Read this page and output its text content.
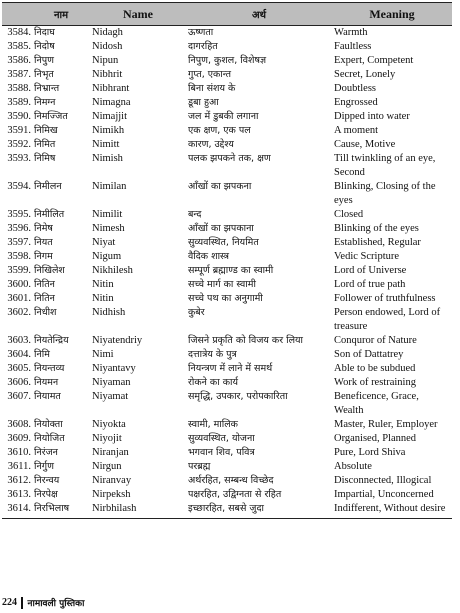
	नाम	Name	अर्थ	Meaning
3584.	निदाघ	Nidagh	ऊष्णता	Warmth

3585.	निदोष	Nidosh	दागरहित	Faultless

3586.	निपुण	Nipun	निपुण, कुशल, विशेषज्ञ	Expert, Competent

3587.	निभृत	Nibhrit	गुप्त, एकान्त	Secret, Lonely

3588.	निभ्रान्त	Nibhrant	बिना संशय के	Doubtless

3589.	निमग्न	Nimagna	डूबा हुआ	Engrossed

3590.	निमज्जित	Nimajjit	जल में डुबकी लगाना	Dipped into water

3591.	निमिख	Nimikh	एक क्षण, एक पल	A moment

3592.	निमित	Nimitt	कारण, उद्देश्य	Cause, Motive

3593.	निमिष	Nimish	पलक झपकने तक, क्षण	Till twinkling of an eye,
Second

3594.	निमीलन	Nimilan	आँखों का झपकना	Blinking, Closing of the
eyes

3595.	निमीलित	Nimilit	बन्द	Closed

3596.	निमेष	Nimesh	आँखों का झपकाना	Blinking of the eyes

3597.	नियत	Niyat	सुव्यवस्थित, नियमित	Established, Regular

3598.	निगम	Nigum	वैदिक शास्त्र	Vedic Scripture

3599.	निखिलेश	Nikhilesh	सम्पूर्ण ब्रह्माण्ड का स्वामी	Lord of Universe

3600.	नितिन	Nitin	सच्चे मार्ग का स्वामी	Lord of true path

3601.	नितिन	Nitin	सच्चे पथ का अनुगामी	Follower of truthfulness

3602.	निधीश	Nidhish	कुबेर	Person endowed, Lord of
treasure

3603.	नियतेन्द्रिय	Niyatendriy	जिसने प्रकृति को विजय कर लिया	Conquror of Nature

3604.	निमि	Nimi	दत्तात्रेय के पुत्र	Son of Dattatrey

3605.	नियन्तव्य	Niyantavy	नियन्त्रण में लाने में समर्थ	Able to be subdued

3606.	नियमन	Niyaman	रोकने का कार्य	Work of restraining

3607.	नियामत	Niyamat	समृद्धि, उपकार, परोपकारिता	Beneficence, Grace, Wealth

3608.	नियोक्ता	Niyokta	स्वामी, मालिक	Master, Ruler, Employer

3609.	नियोजित	Niyojit	सुव्यवस्थित, योजना	Organised, Planned

3610.	निरंजन	Niranjan	भगवान शिव, पवित्र	Pure, Lord Shiva

3611.	निर्गुण	Nirgun	परब्रह्म	Absolute

3612.	निरन्वय	Niranvay	अर्थरहित, सम्बन्ध विच्छेद	Disconnected, Illogical

3613.	निरपेक्ष	Nirpeksh	पक्षरहित, उद्विग्नता से रहित	Impartial, Unconcerned

3614.	निरभिलाष	Nirbhilash	इच्छारहित, सबसे जुदा	Indifferent, Without desire
224	नामावली पुस्तिका
